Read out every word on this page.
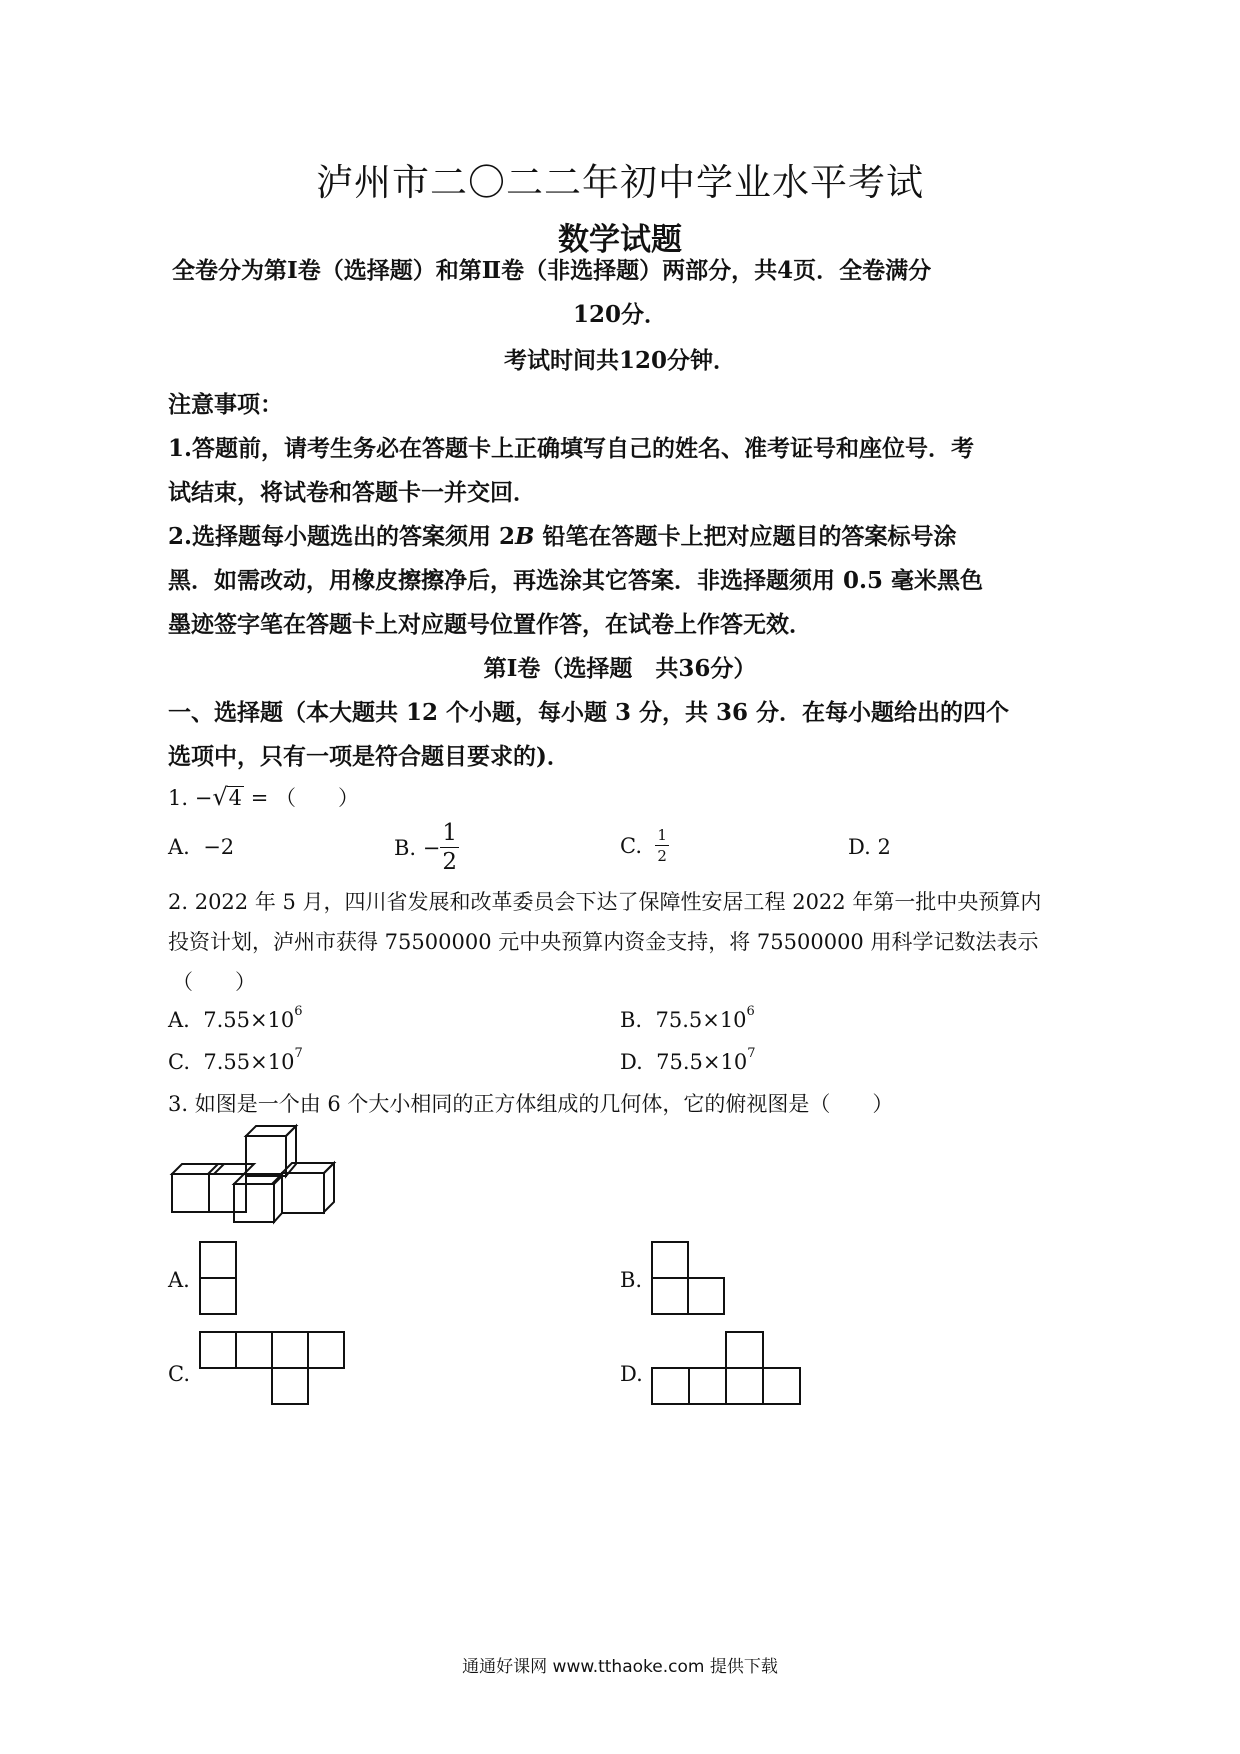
泸州市二〇二二年初中学业水平考试
数学试题
全卷分为第Ⅰ卷（选择题）和第Ⅱ卷（非选择题）两部分，共4页．全卷满分
120分．
考试时间共120分钟．
注意事项：
1.答题前，请考生务必在答题卡上正确填写自己的姓名、准考证号和座位号．考
试结束，将试卷和答题卡一并交回．
2.选择题每小题选出的答案须用 2B 铅笔在答题卡上把对应题目的答案标号涂
黑．如需改动，用橡皮擦擦净后，再选涂其它答案．非选择题须用 0.5 毫米黑色
墨迹签字笔在答题卡上对应题号位置作答，在试卷上作答无效．
第Ⅰ卷（选择题　共36分）
一、选择题（本大题共 12 个小题，每小题 3 分，共 36 分．在每小题给出的四个
选项中，只有一项是符合题目要求的)．
1. −√4 = （　　）
A. −2	B. − $\frac{1}{2}$	C. $\frac{1}{2}$	D. 2
2. 2022 年 5 月，四川省发展和改革委员会下达了保障性安居工程 2022 年第一批中央预算内
投资计划，泸州市获得 75500000 元中央预算内资金支持，将 75500000 用科学记数法表示
（　　）
A. $7.55\times 10^6$	B. $75.5\times 10^6$
C. $7.55\times 10^7$	D. $75.5\times 10^7$
3. 如图是一个由 6 个大小相同的正方体组成的几何体，它的俯视图是（　　）
A.	B.
C.	D.
通通好课网 www.tthaoke.com 提供下载
